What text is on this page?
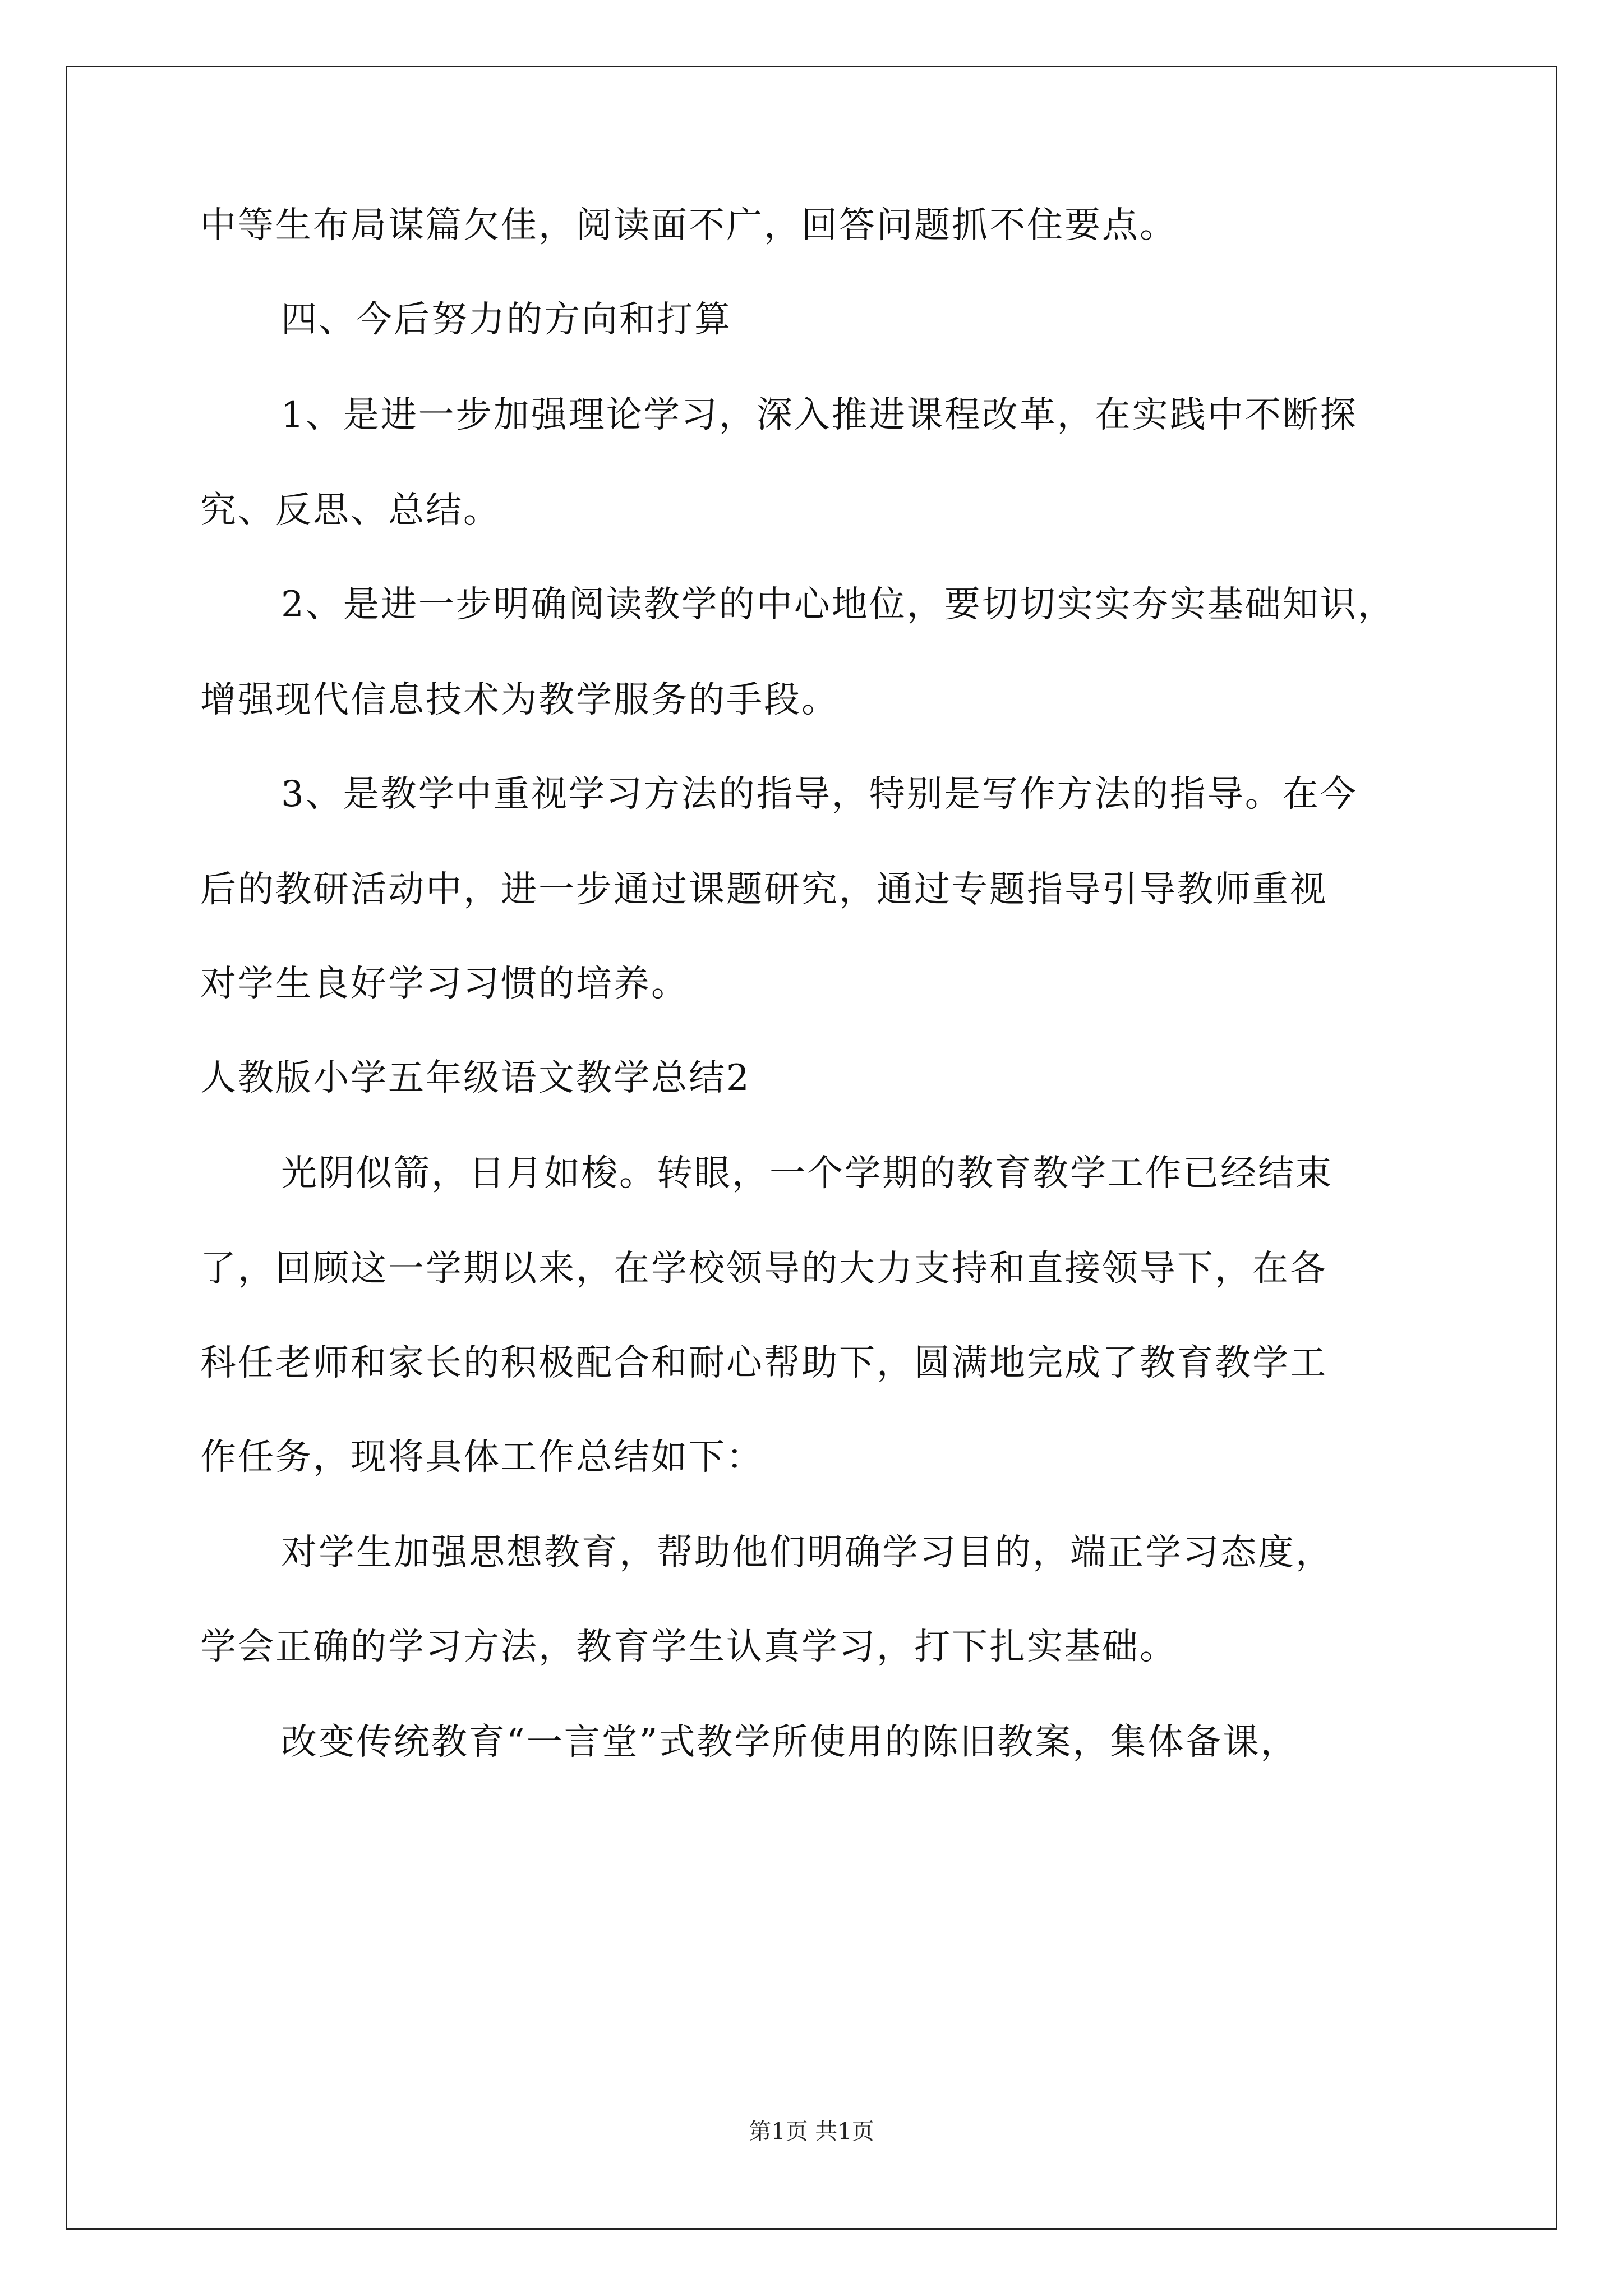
中等生布局谋篇欠佳，阅读面不广，回答问题抓不住要点。
四、今后努力的方向和打算
1、是进一步加强理论学习，深入推进课程改革，在实践中不断探
究、反思、总结。
2、是进一步明确阅读教学的中心地位，要切切实实夯实基础知识，
增强现代信息技术为教学服务的手段。
3、是教学中重视学习方法的指导，特别是写作方法的指导。在今
后的教研活动中，进一步通过课题研究，通过专题指导引导教师重视
对学生良好学习习惯的培养。
人教版小学五年级语文教学总结2
光阴似箭，日月如梭。转眼，一个学期的教育教学工作已经结束
了，回顾这一学期以来，在学校领导的大力支持和直接领导下，在各
科任老师和家长的积极配合和耐心帮助下，圆满地完成了教育教学工
作任务，现将具体工作总结如下：
对学生加强思想教育，帮助他们明确学习目的，端正学习态度，
学会正确的学习方法，教育学生认真学习，打下扎实基础。
改变传统教育“一言堂”式教学所使用的陈旧教案，集体备课，
第1页 共1页
